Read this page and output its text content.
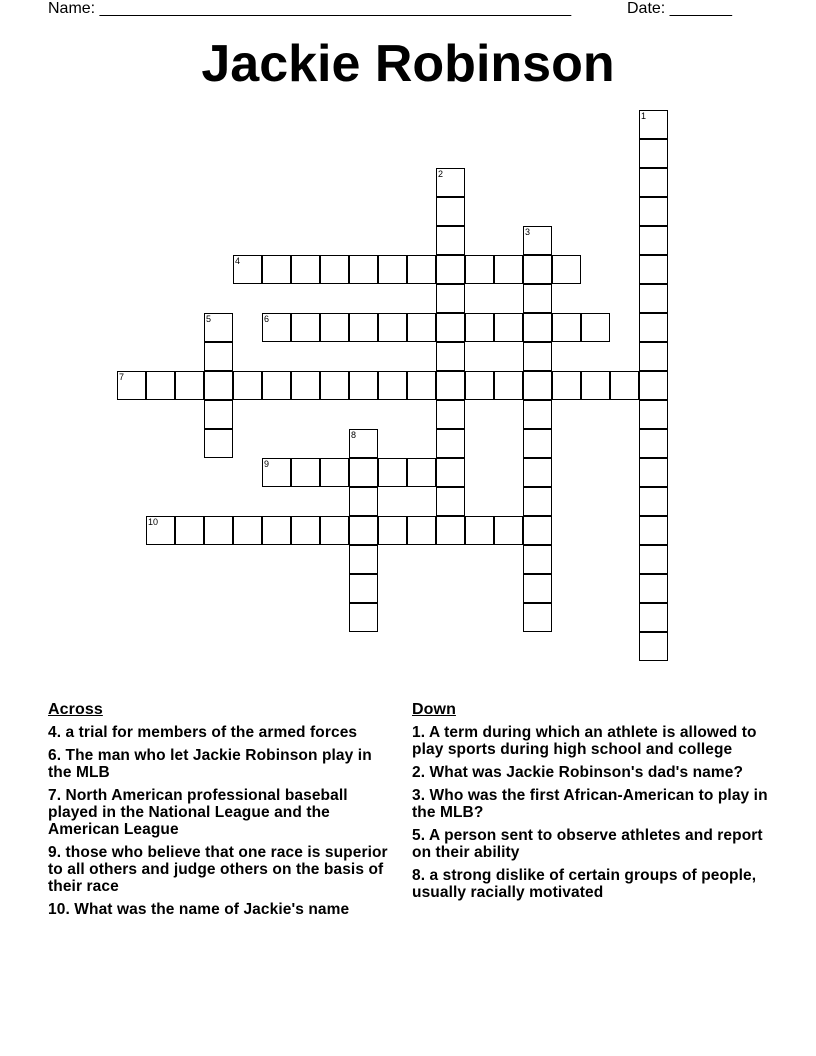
Name: _____________________________________________________	Date: _______
Jackie Robinson
1
2
3
4
5	6
7
8
9
10
Across
4. a trial for members of the armed forces
6. The man who let Jackie Robinson play in the MLB
7. North American professional baseball played in the National League and the American League
9. those who believe that one race is superior to all others and judge others on the basis of their race
10. What was the name of Jackie's name
Down
1. A term during which an athlete is allowed to play sports during high school and college
2. What was Jackie Robinson's dad's name?
3. Who was the first African-American to play in the MLB?
5. A person sent to observe athletes and report on their ability
8. a strong dislike of certain groups of people, usually racially motivated
